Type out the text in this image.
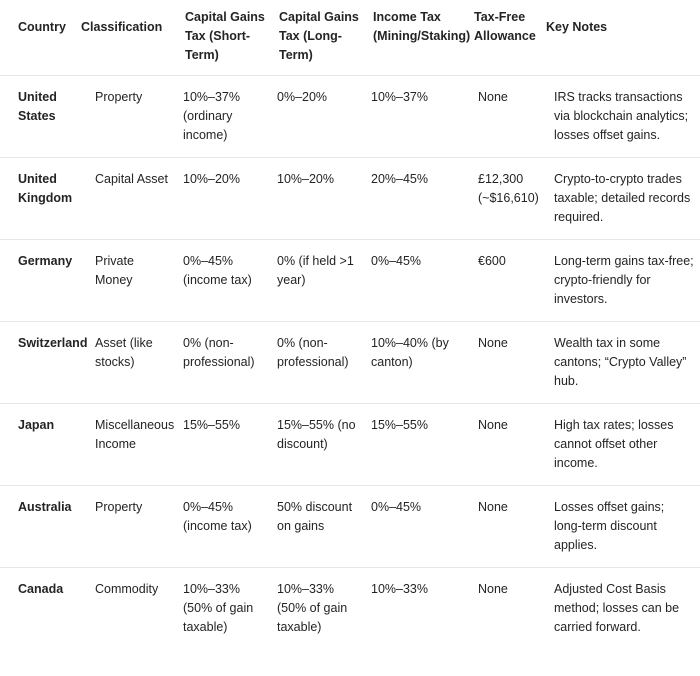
Country	Classification	Capital Gains Tax (Short-Term)	Capital Gains Tax (Long-Term)	Income Tax (Mining/Staking)	Tax-Free Allowance	Key Notes
United States	Property	10%–37% (ordinary income)	0%–20%	10%–37%	None	IRS tracks transactions via blockchain analytics; losses offset gains.
United Kingdom	Capital Asset	10%–20%	10%–20%	20%–45%	£12,300 (~$16,610)	Crypto-to-crypto trades taxable; detailed records required.
Germany	Private Money	0%–45% (income tax)	0% (if held >1 year)	0%–45%	€600	Long-term gains tax-free; crypto-friendly for investors.
Switzerland	Asset (like stocks)	0% (non-professional)	0% (non-professional)	10%–40% (by canton)	None	Wealth tax in some cantons; “Crypto Valley” hub.
Japan	Miscellaneous Income	15%–55%	15%–55% (no discount)	15%–55%	None	High tax rates; losses cannot offset other income.
Australia	Property	0%–45% (income tax)	50% discount on gains	0%–45%	None	Losses offset gains; long-term discount applies.
Canada	Commodity	10%–33% (50% of gain taxable)	10%–33% (50% of gain taxable)	10%–33%	None	Adjusted Cost Basis method; losses can be carried forward.
